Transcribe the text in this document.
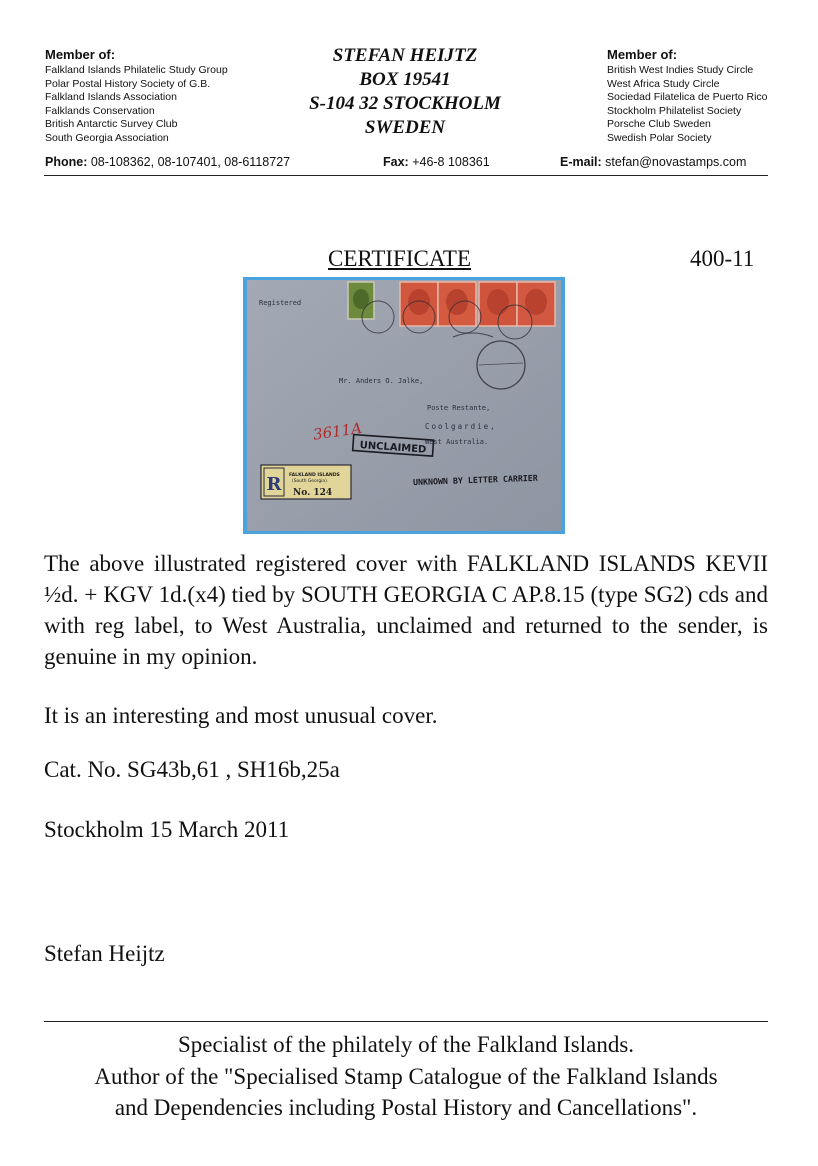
Member of:
Falkland Islands Philatelic Study Group
Polar Postal History Society of G.B.
Falkland Islands Association
Falklands Conservation
British Antarctic Survey Club
South Georgia Association
STEFAN HEIJTZ
BOX 19541
S-104 32 STOCKHOLM
SWEDEN
Member of:
British West Indies Study Circle
West Africa Study Circle
Sociedad Filatelica de Puerto Rico
Stockholm Philatelist Society
Porsche Club Sweden
Swedish Polar Society
Phone: 08-108362, 08-107401, 08-6118727	Fax: +46-8 108361	E-mail: stefan@novastamps.com
CERTIFICATE	400-11
Registered
Mr. Anders O. Jalke,
Poste Restante,
Coolgardie,
West Australia.
3611A
UNCLAIMED
R FALKLAND ISLANDS
(South Georgia).
No. 124
UNKNOWN BY LETTER CARRIER
The above illustrated registered cover with FALKLAND ISLANDS KEVII ½d. + KGV 1d.(x4) tied by SOUTH GEORGIA C AP.8.15 (type SG2) cds and with reg label, to West Australia, unclaimed and returned to the sender, is genuine in my opinion.
It is an interesting and most unusual cover.
Cat. No. SG43b,61 , SH16b,25a
Stockholm 15 March 2011
Stefan Heijtz
Specialist of the philately of the Falkland Islands.
Author of the "Specialised Stamp Catalogue of the Falkland Islands
and Dependencies including Postal History and Cancellations".
